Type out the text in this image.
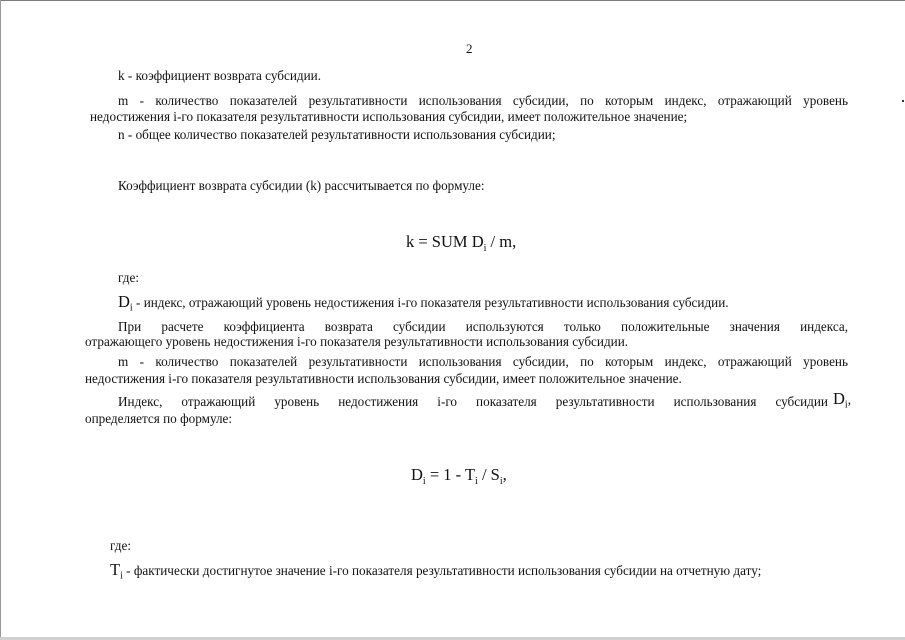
2
k - коэффициент возврата субсидии.
m - количество показателей результативности использования субсидии, по которым индекс, отражающий уровень
недостижения i-го показателя результативности использования субсидии, имеет положительное значение;
n - общее количество показателей результативности использования субсидии;
Коэффициент возврата субсидии (k) рассчитывается по формуле:
k = SUM $D_i$ / m,
где:
$D_i$ - индекс, отражающий уровень недостижения i-го показателя результативности использования субсидии.
При расчете коэффициента возврата субсидии используются только положительные значения индекса,
отражающего уровень недостижения i-го показателя результативности использования субсидии.
m - количество показателей результативности использования субсидии, по которым индекс, отражающий уровень
недостижения i-го показателя результативности использования субсидии, имеет положительное значение.
Индекс, отражающий уровень недостижения i-го показателя результативности использования субсидии $D_i$,
определяется по формуле:
$D_i = 1 - T_i / S_i$,
где:
$T_i$ - фактически достигнутое значение i-го показателя результативности использования субсидии на отчетную дату;
